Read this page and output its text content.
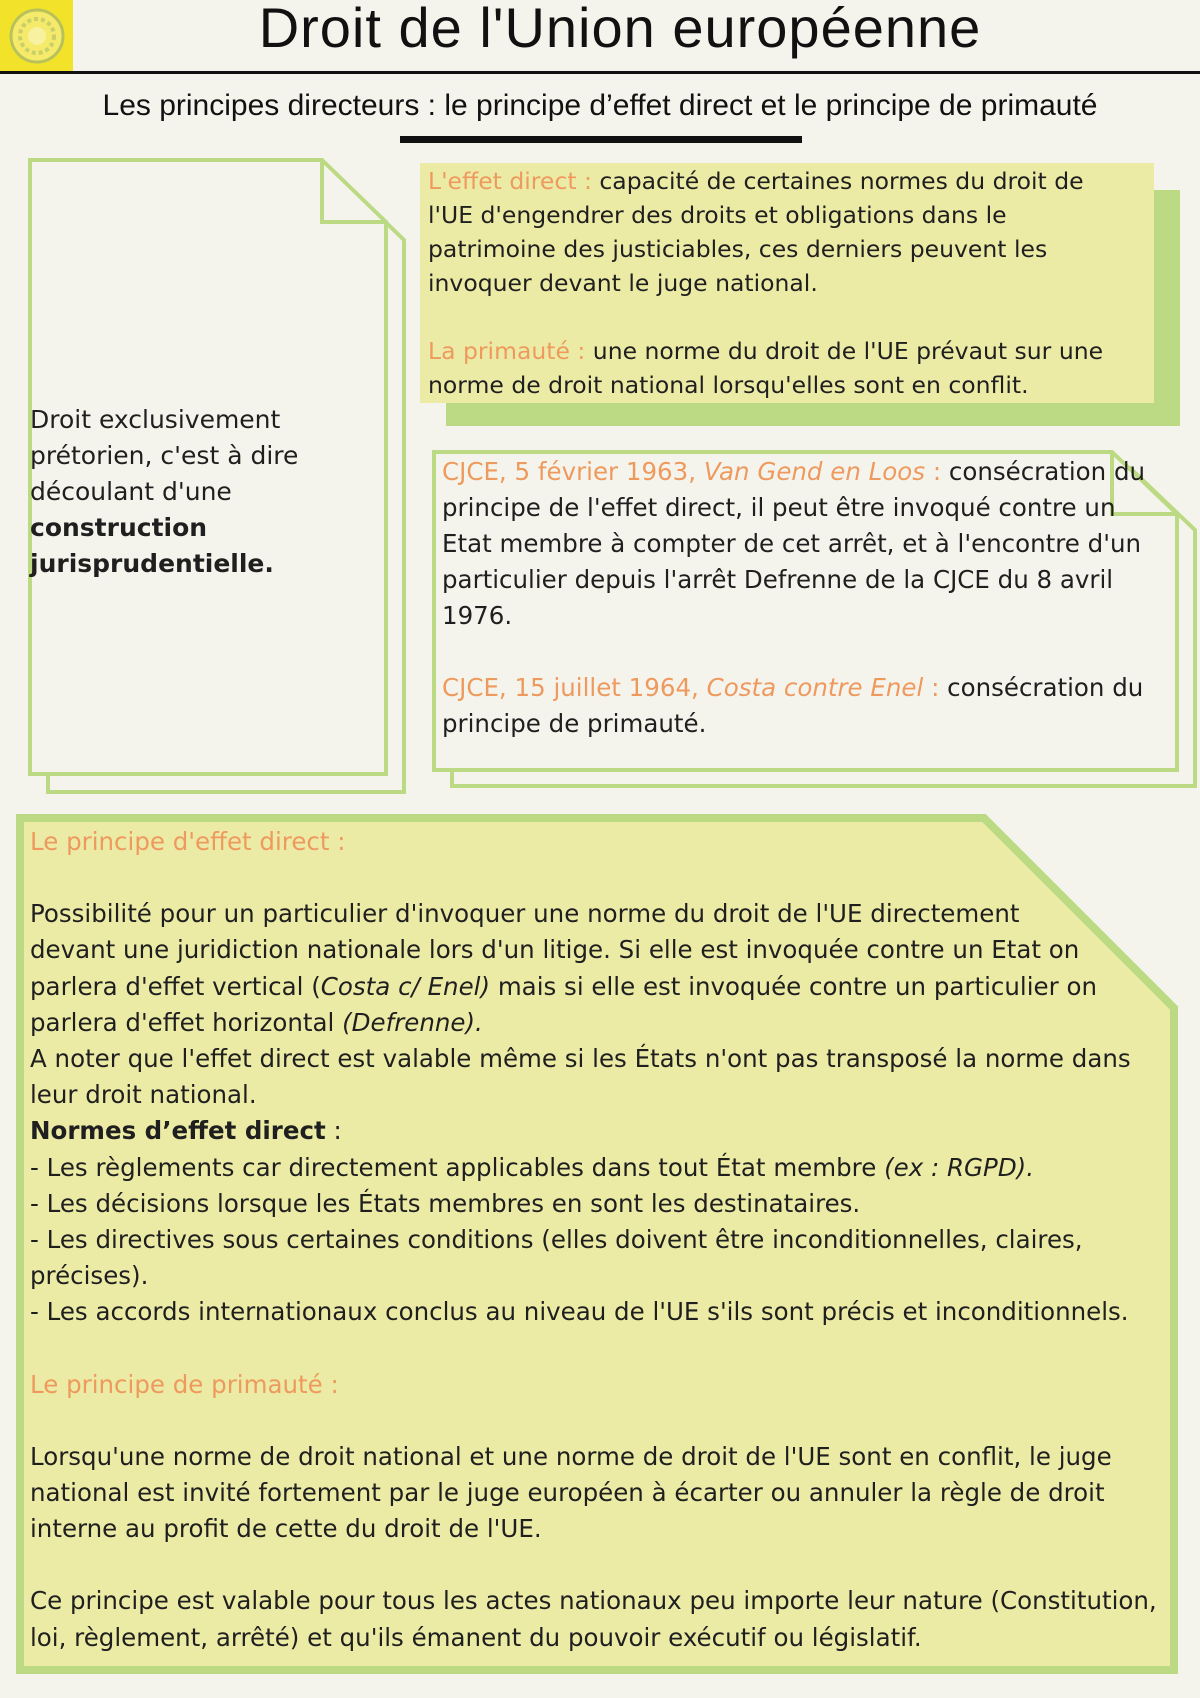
Droit de l'Union européenne
Les principes directeurs : le principe d’effet direct et le principe de primauté
Droit exclusivement prétorien, c'est à dire découlant d'une construction jurisprudentielle.
L'effet direct : capacité de certaines normes du droit de l'UE d'engendrer des droits et obligations dans le patrimoine des justiciables, ces derniers peuvent les invoquer devant le juge national.
La primauté : une norme du droit de l'UE prévaut sur une norme de droit national lorsqu'elles sont en conflit.
CJCE, 5 février 1963, Van Gend en Loos : consécration du principe de l'effet direct, il peut être invoqué contre un Etat membre à compter de cet arrêt, et à l'encontre d'un particulier depuis l'arrêt Defrenne de la CJCE du 8 avril 1976.
CJCE, 15 juillet 1964, Costa contre Enel : consécration du principe de primauté.

Le principe d'effet direct :

Possibilité pour un particulier d'invoquer une norme du droit de l'UE directement devant une juridiction nationale lors d'un litige. Si elle est invoquée contre un Etat on parlera d'effet vertical (Costa c/ Enel) mais si elle est invoquée contre un particulier on parlera d'effet horizontal (Defrenne).

A noter que l'effet direct est valable même si les États n'ont pas transposé la norme dans leur droit national.

Normes d’effet direct :

- Les règlements car directement applicables dans tout État membre (ex : RGPD).

- Les décisions lorsque les États membres en sont les destinataires.

- Les directives sous certaines conditions (elles doivent être inconditionnelles, claires, précises).

- Les accords internationaux conclus au niveau de l'UE s'ils sont précis et inconditionnels.

Le principe de primauté :

Lorsqu'une norme de droit national et une norme de droit de l'UE sont en conflit, le juge national est invité fortement par le juge européen à écarter ou annuler la règle de droit interne au profit de cette du droit de l'UE.

Ce principe est valable pour tous les actes nationaux peu importe leur nature (Constitution, loi, règlement, arrêté) et qu'ils émanent du pouvoir exécutif ou législatif.
